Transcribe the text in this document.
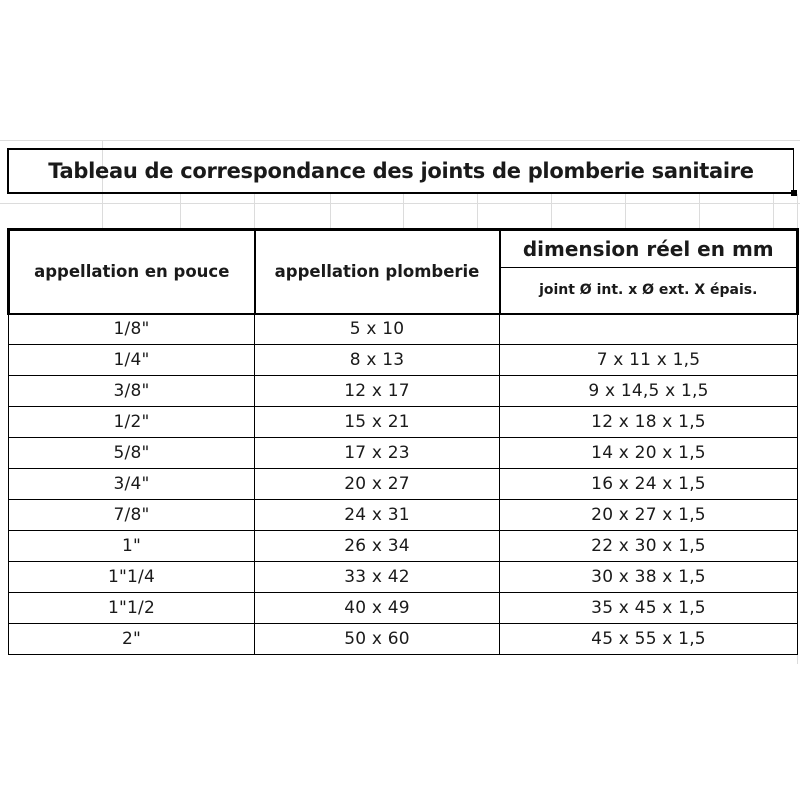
Tableau de correspondance des joints de plomberie sanitaire
appellation en pouce	appellation plomberie	dimension réel en mm
		joint Ø int. x Ø ext. X épais.
1/8"	5 x 10	
1/4"	8 x 13	7 x 11 x 1,5
3/8"	12 x 17	9 x 14,5 x 1,5
1/2"	15 x 21	12 x 18 x 1,5
5/8"	17 x 23	14 x 20 x 1,5
3/4"	20 x 27	16 x 24 x 1,5
7/8"	24 x 31	20 x 27 x 1,5
1"	26 x 34	22 x 30 x 1,5
1"1/4	33 x 42	30 x 38 x 1,5
1"1/2	40 x 49	35 x 45 x 1,5
2"	50 x 60	45 x 55 x 1,5
